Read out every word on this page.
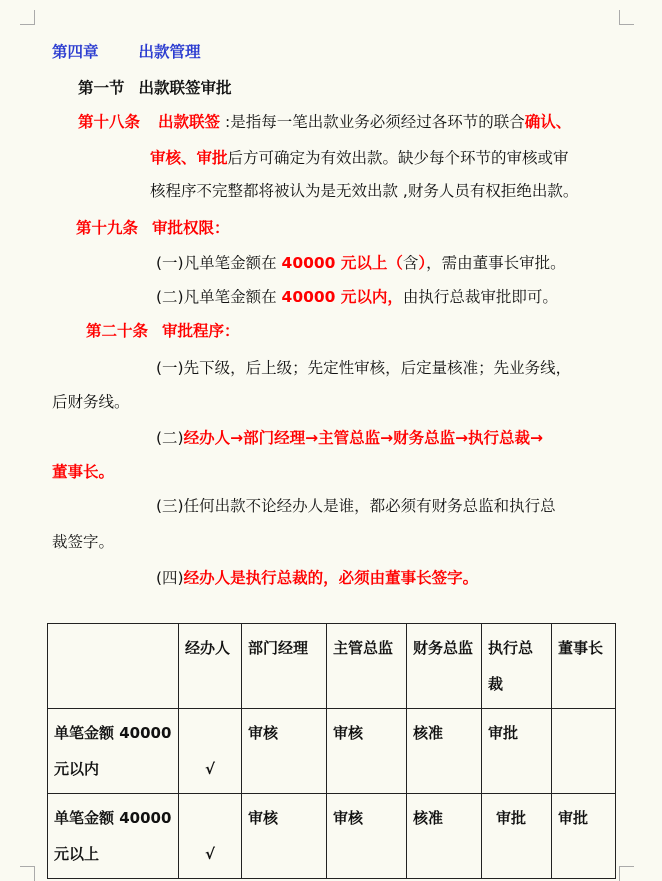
第四章	出款管理
第一节 出款联签审批
第十八条 出款联签 :是指每一笔出款业务必须经过各环节的联合确认、
审核、审批后方可确定为有效出款。缺少每个环节的审核或审
核程序不完整都将被认为是无效出款 ,财务人员有权拒绝出款。
第十九条 审批权限：
(一)凡单笔金额在 40000 元以上（含），需由董事长审批。
(二)凡单笔金额在 40000 元以内，由执行总裁审批即可。
第二十条 审批程序：
(一)先下级，后上级；先定性审核，后定量核准；先业务线，
后财务线。
(二)经办人→部门经理→主管总监→财务总监→执行总裁→
董事长。
(三)任何出款不论经办人是谁，都必须有财务总监和执行总
裁签字。
(四)经办人是执行总裁的，必须由董事长签字。
	经办人	部门经理	主管总监	财务总监	执行总裁	董事长
单笔金额 40000 元以内	√	审核	审核	核准	审批	
单笔金额 40000 元以上	√	审核	审核	核准	审批	审批
